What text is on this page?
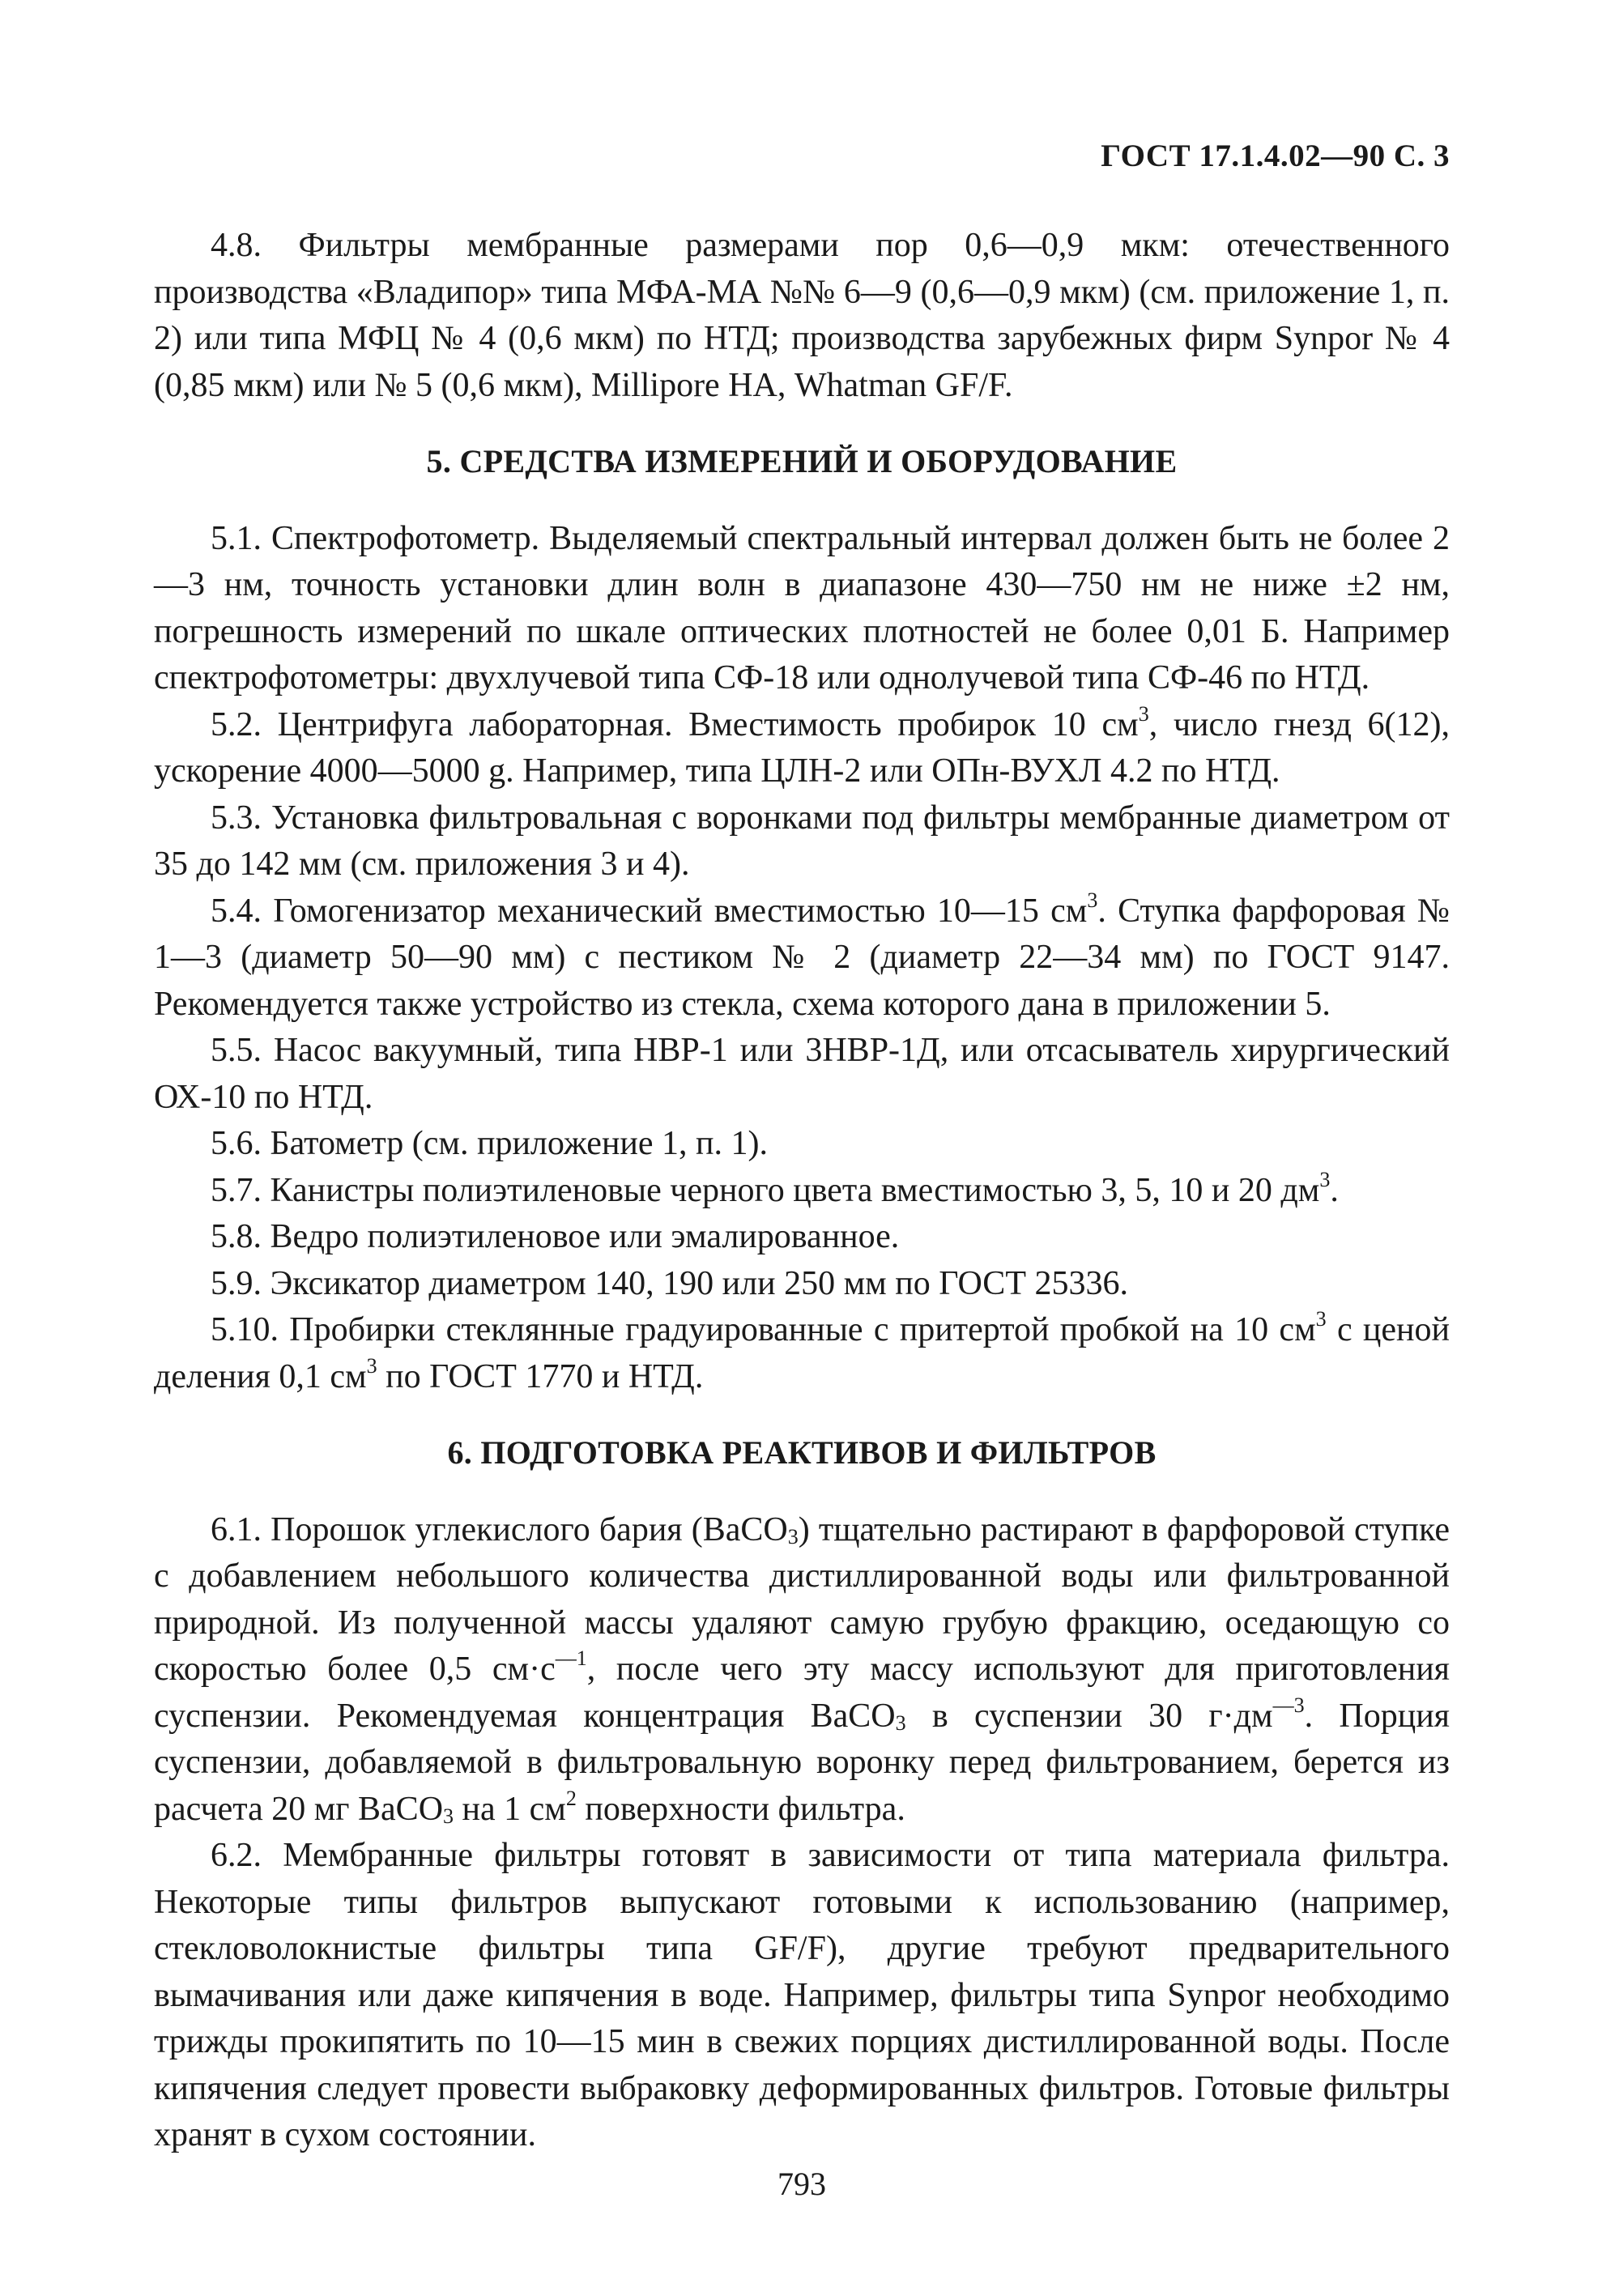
ГОСТ 17.1.4.02—90 С. 3

4.8. Фильтры мембранные размерами пор 0,6—0,9 мкм: отечественного производства «Владипор» типа МФА-МА №№ 6—9 (0,6—0,9 мкм) (см. приложение 1, п. 2) или типа МФЦ № 4 (0,6 мкм) по НТД; производства зарубежных фирм Synpor № 4 (0,85 мкм) или № 5 (0,6 мкм), Millipore НА, Whatman GF/F.

5. СРЕДСТВА ИЗМЕРЕНИЙ И ОБОРУДОВАНИЕ

5.1. Спектрофотометр. Выделяемый спектральный интервал должен быть не более 2—3 нм, точность установки длин волн в диапазоне 430—750 нм не ниже ±2 нм, погрешность измерений по шкале оптических плотностей не более 0,01 Б. Например спектрофотометры: двухлучевой типа СФ-18 или однолучевой типа СФ-46 по НТД.

5.2. Центрифуга лабораторная. Вместимость пробирок 10 $см^3$, число гнезд 6(12), ускорение 4000—5000 g. Например, типа ЦЛН-2 или ОПн-ВУХЛ 4.2 по НТД.

5.3. Установка фильтровальная с воронками под фильтры мембранные диаметром от 35 до 142 мм (см. приложения 3 и 4).

5.4. Гомогенизатор механический вместимостью 10—15 $см^3$. Ступка фарфоровая № 1—3 (диаметр 50—90 мм) с пестиком № 2 (диаметр 22—34 мм) по ГОСТ 9147. Рекомендуется также устройство из стекла, схема которого дана в приложении 5.

5.5. Насос вакуумный, типа НВР-1 или 3НВР-1Д, или отсасыватель хирургический ОХ-10 по НТД.

5.6. Батометр (см. приложение 1, п. 1).

5.7. Канистры полиэтиленовые черного цвета вместимостью 3, 5, 10 и 20 $дм^3$.

5.8. Ведро полиэтиленовое или эмалированное.

5.9. Эксикатор диаметром 140, 190 или 250 мм по ГОСТ 25336.

5.10. Пробирки стеклянные градуированные с притертой пробкой на 10 $см^3$ с ценой деления 0,1 $см^3$ по ГОСТ 1770 и НТД.

6. ПОДГОТОВКА РЕАКТИВОВ И ФИЛЬТРОВ

6.1. Порошок углекислого бария (BaCO$_3$) тщательно растирают в фарфоровой ступке с добавлением небольшого количества дистиллированной воды или фильтрованной природной. Из полученной массы удаляют самую грубую фракцию, оседающую со скоростью более 0,5 $см\cdot с^{—1}$, после чего эту массу используют для приготовления суспензии. Рекомендуемая концентрация BaCO$_3$ в суспензии 30 $г\cdot дм^{—3}$. Порция суспензии, добавляемой в фильтровальную воронку перед фильтрованием, берется из расчета 20 мг BaCO$_3$ на 1 $см^2$ поверхности фильтра.

6.2. Мембранные фильтры готовят в зависимости от типа материала фильтра. Некоторые типы фильтров выпускают готовыми к использованию (например, стекловолокнистые фильтры типа GF/F), другие требуют предварительного вымачивания или даже кипячения в воде. Например, фильтры типа Synpor необходимо трижды прокипятить по 10—15 мин в свежих порциях дистиллированной воды. После кипячения следует провести выбраковку деформированных фильтров. Готовые фильтры хранят в сухом состоянии.

793
